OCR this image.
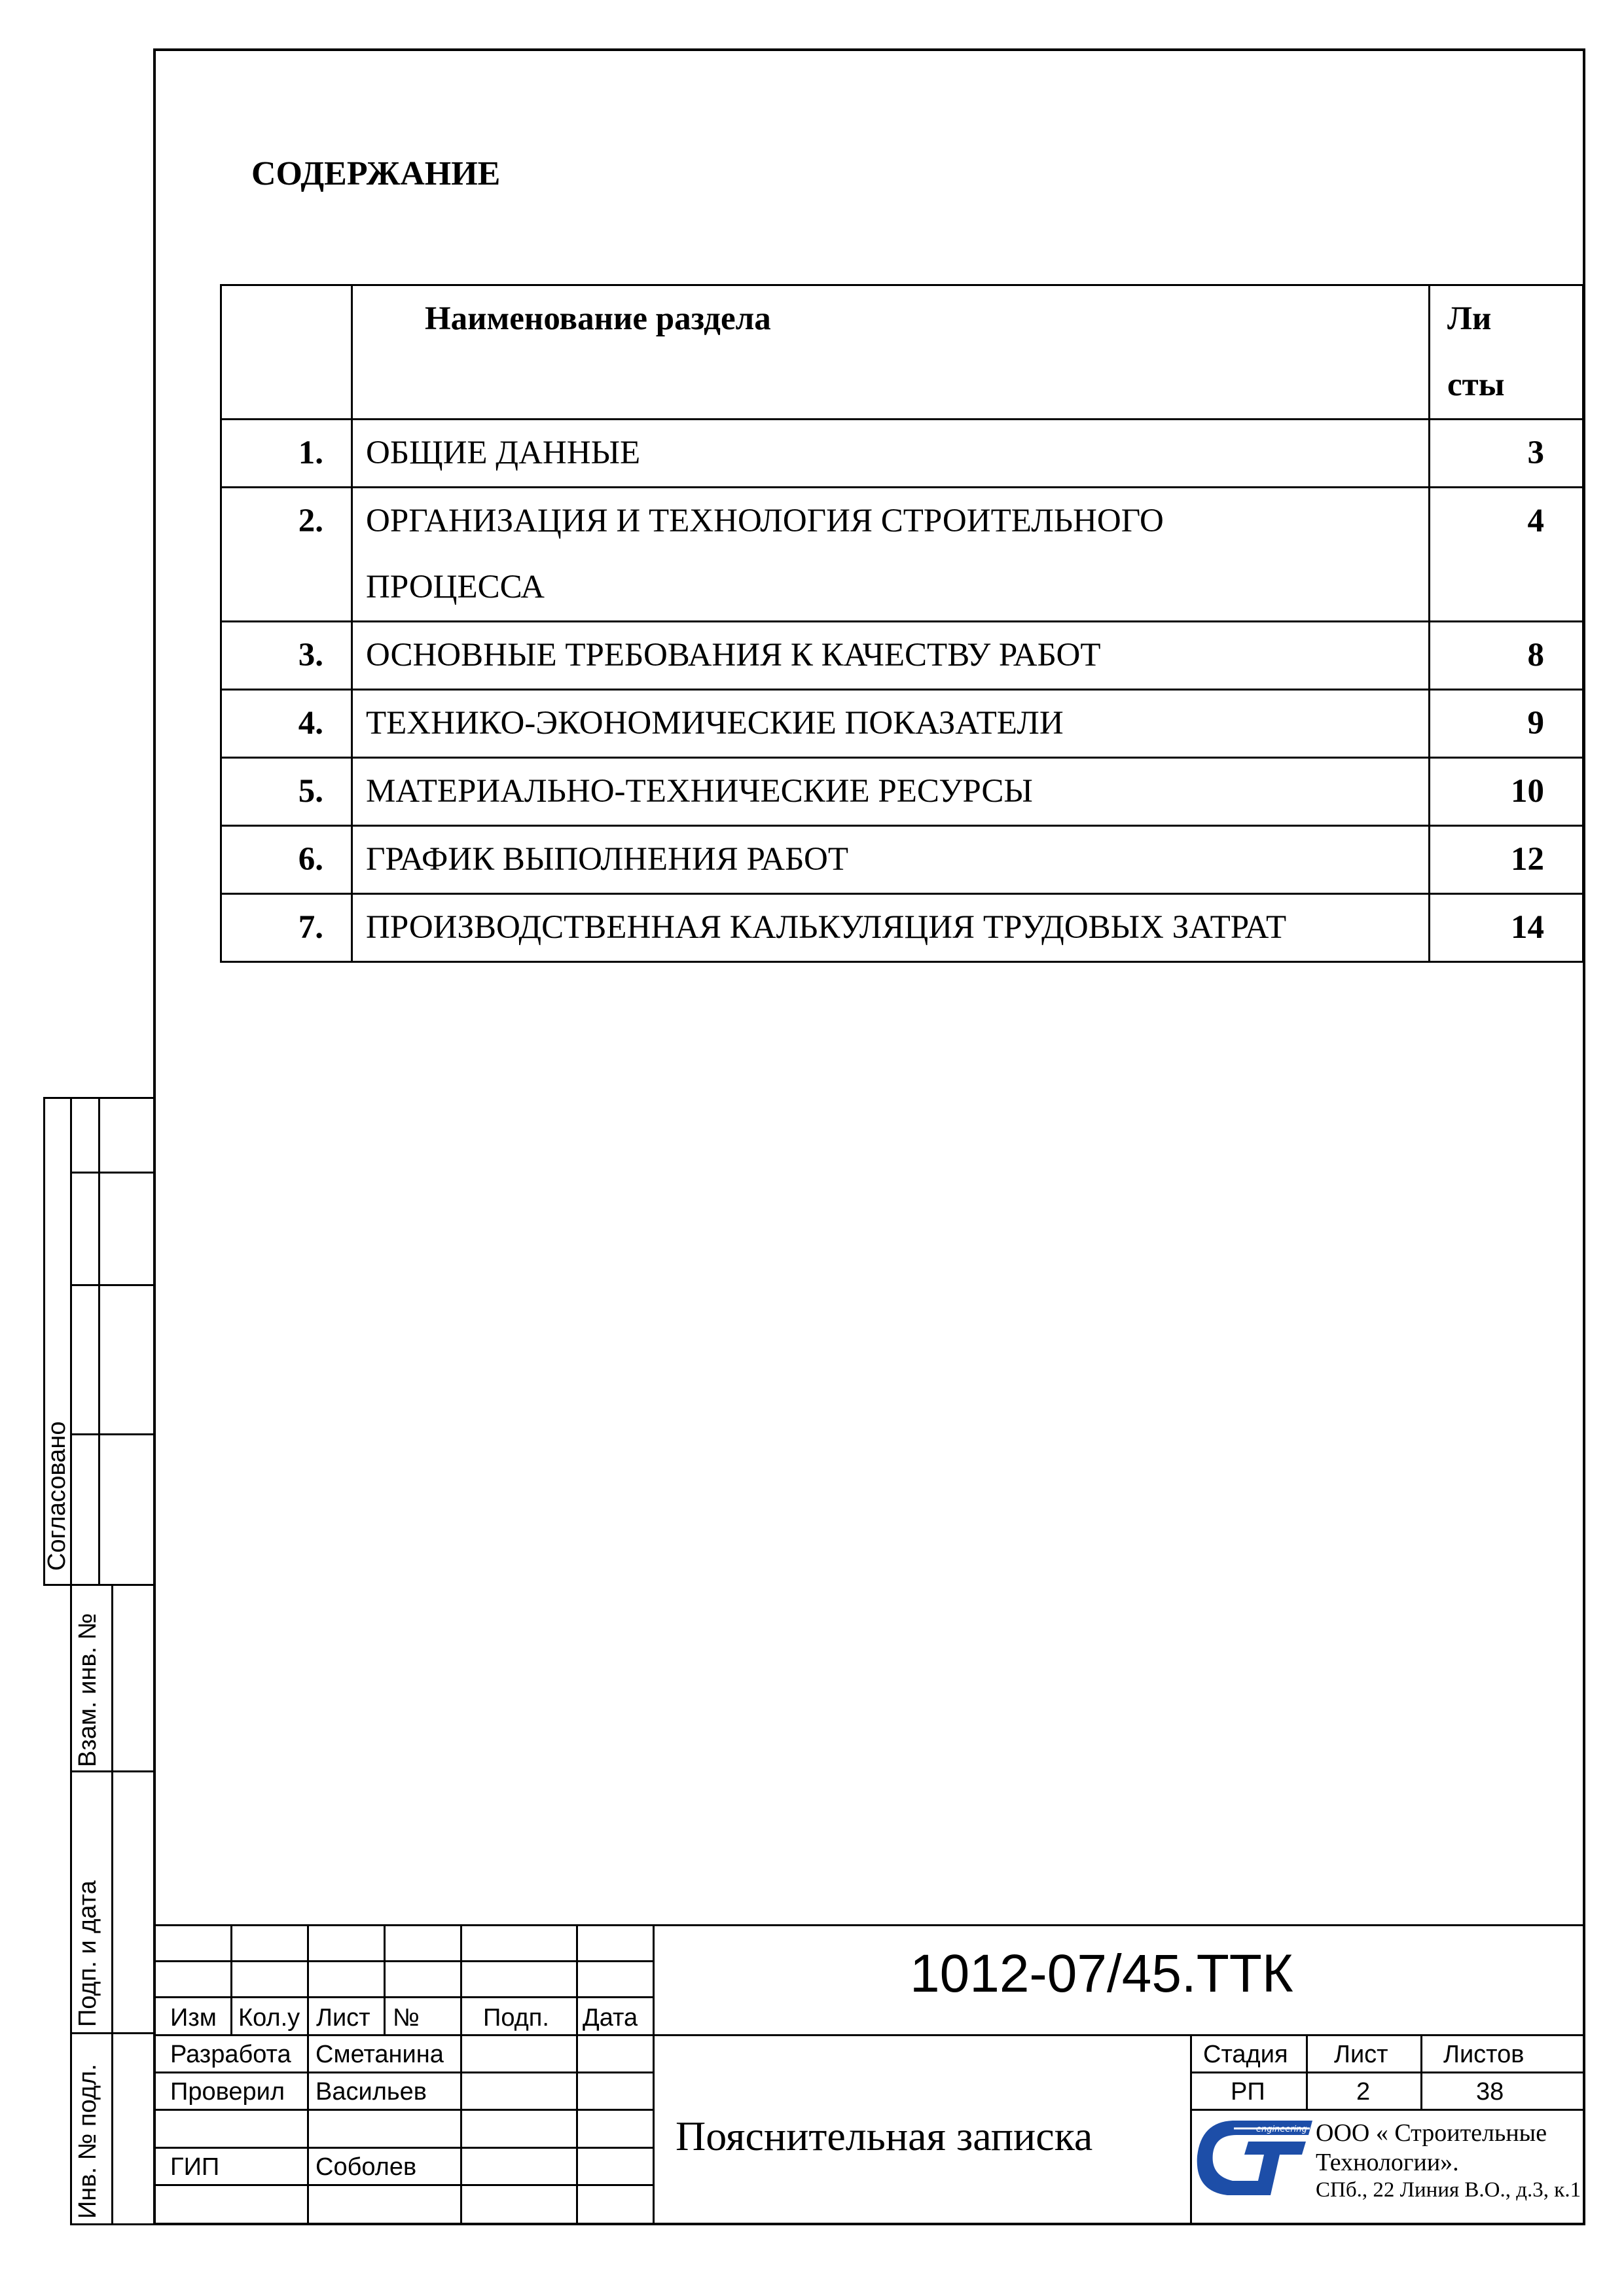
СОДЕРЖАНИЕ
	Наименование раздела	Ли
сты

1.	ОБЩИЕ ДАННЫЕ	3
2.	ОРГАНИЗАЦИЯ И ТЕХНОЛОГИЯ СТРОИТЕЛЬНОГО ПРОЦЕССА	4
3.	ОСНОВНЫЕ ТРЕБОВАНИЯ К КАЧЕСТВУ РАБОТ	8
4.	ТЕХНИКО-ЭКОНОМИЧЕСКИЕ ПОКАЗАТЕЛИ	9
5.	МАТЕРИАЛЬНО-ТЕХНИЧЕСКИЕ РЕСУРСЫ	10
6.	ГРАФИК ВЫПОЛНЕНИЯ РАБОТ	12
7.	ПРОИЗВОДСТВЕННАЯ КАЛЬКУЛЯЦИЯ ТРУДОВЫХ ЗАТРАТ	14
Согласовано
Взам. инв. №
Подп. и дата
Инв. № подл.
Изм Кол.у Лист №	Подп. Дата
Разработа Сметанина
Проверил Васильев
ГИП	Соболев
1012-07/45.ТТК
Пояснительная записка
Стадия Лист Листов
РП	2	38
engineering ООО « Строительные
Технологии».
СПб., 22 Линия В.О., д.3, к.1
